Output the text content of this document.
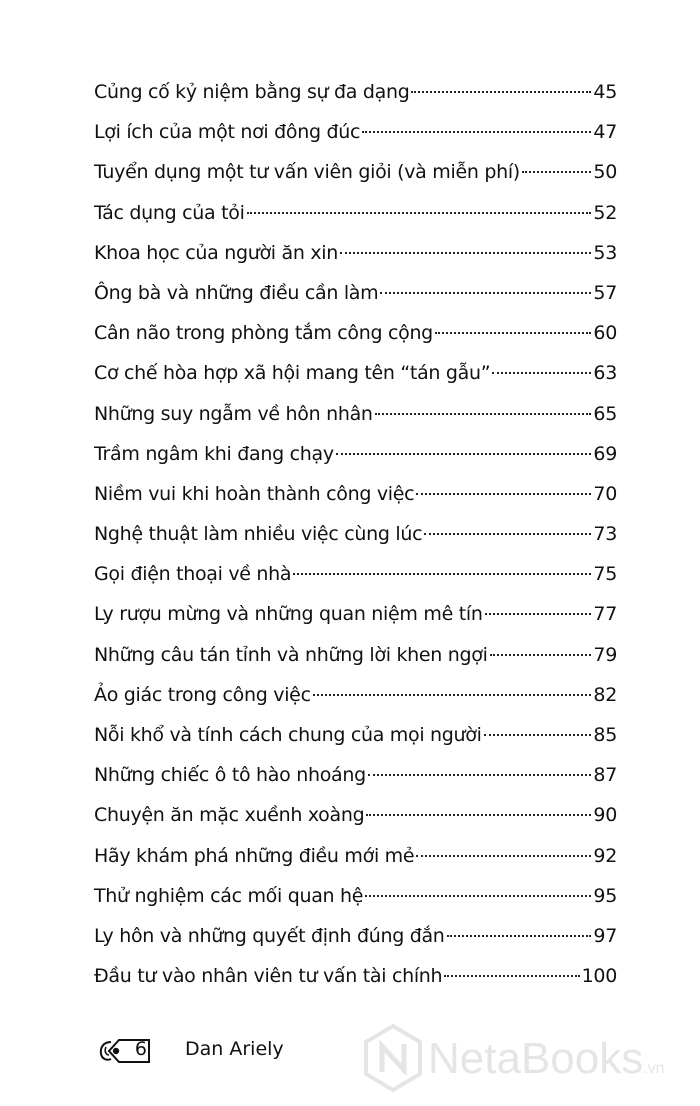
Củng cố kỷ niệm bằng sự đa dạng	45
Lợi ích của một nơi đông đúc	47
Tuyển dụng một tư vấn viên giỏi (và miễn phí)	50
Tác dụng của tỏi	52
Khoa học của người ăn xin	53
Ông bà và những điều cần làm	57
Cân não trong phòng tắm công cộng	60
Cơ chế hòa hợp xã hội mang tên “tán gẫu”	63
Những suy ngẫm về hôn nhân	65
Trầm ngâm khi đang chạy	69
Niềm vui khi hoàn thành công việc	70
Nghệ thuật làm nhiều việc cùng lúc	73
Gọi điện thoại về nhà	75
Ly rượu mừng và những quan niệm mê tín	77
Những câu tán tỉnh và những lời khen ngợi	79
Ảo giác trong công việc	82
Nỗi khổ và tính cách chung của mọi người	85
Những chiếc ô tô hào nhoáng	87
Chuyện ăn mặc xuềnh xoàng	90
Hãy khám phá những điều mới mẻ	92
Thử nghiệm các mối quan hệ	95
Ly hôn và những quyết định đúng đắn	97
Đầu tư vào nhân viên tư vấn tài chính	100
6 Dan Ariely	NetaBooks.vn
